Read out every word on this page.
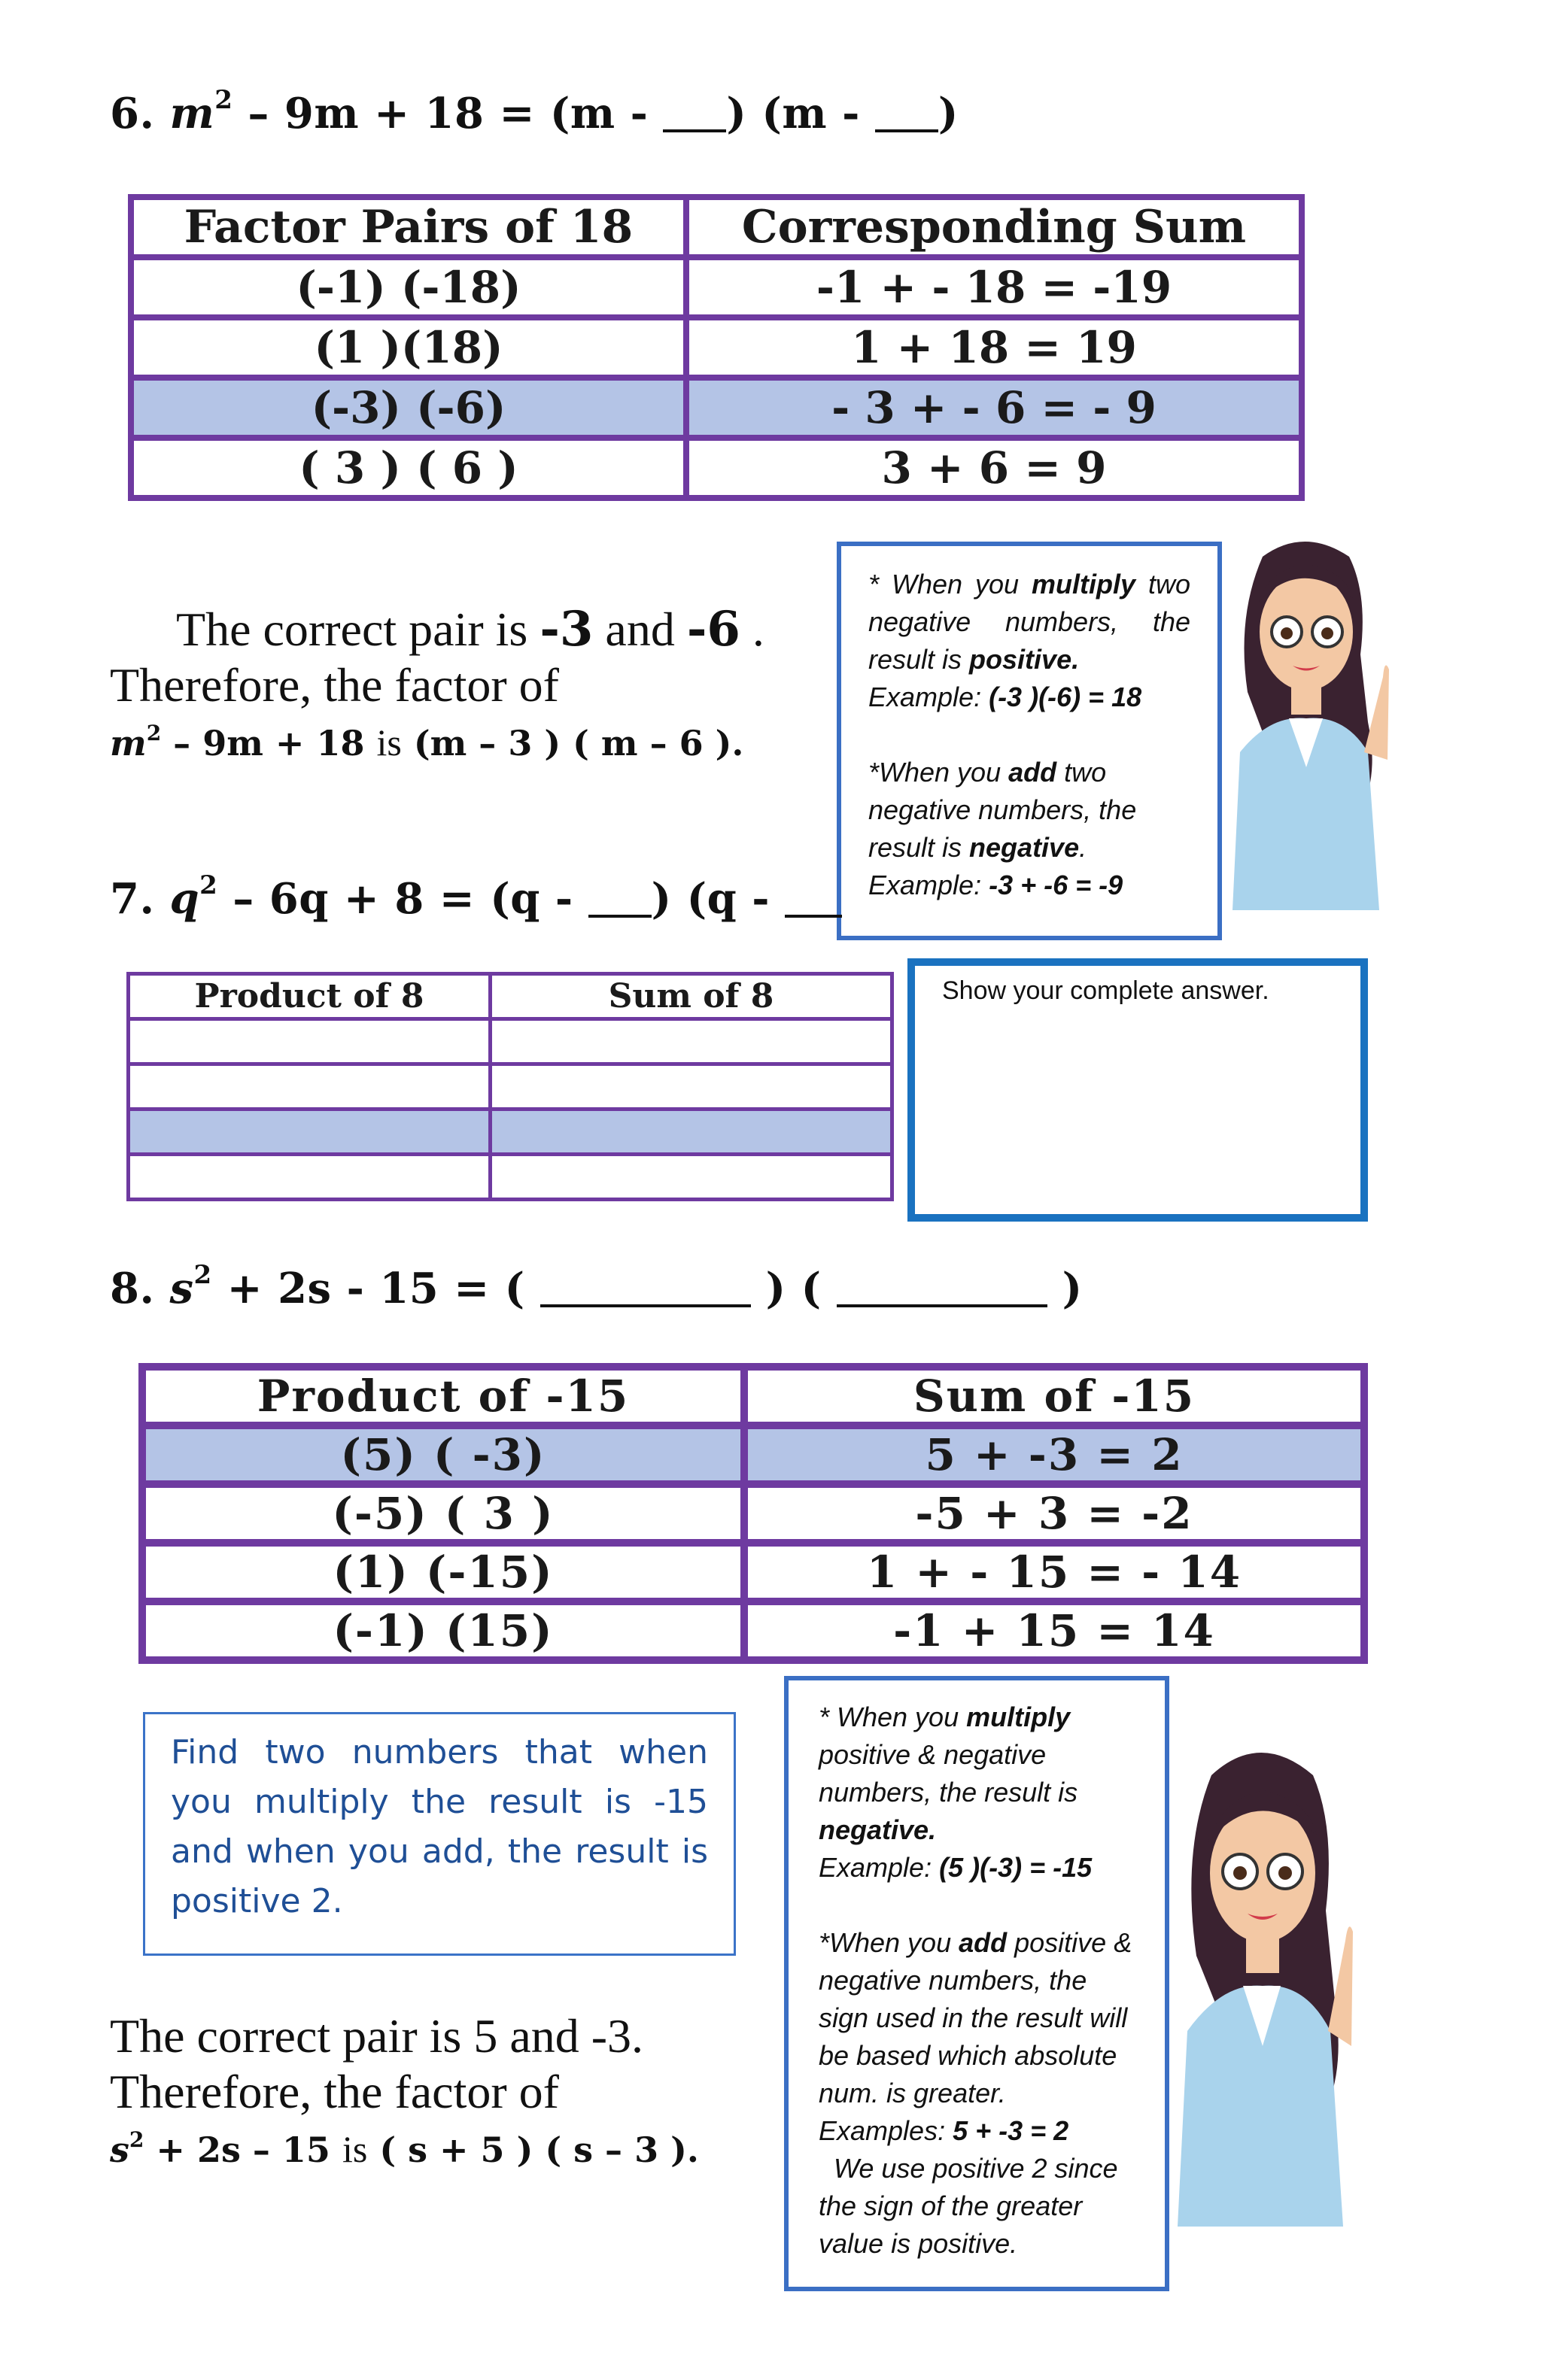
6. $m^2 - 9m + 18 = (m$ - ) (m - )
Factor Pairs of 18	Corresponding Sum
(-1) (-18)	-1 + - 18 = -19
(1 )(18)	1 + 18 = 19
(-3) (-6)	- 3 + - 6 = - 9
( 3 ) ( 6 )	3 + 6 = 9
The correct pair is -3 and -6 .
Therefore, the factor of
$m^2 - 9m + 18$ is (m – 3 ) ( m – 6 ).

* When you multiply two negative numbers, the result is positive.

Example: (-3 )(-6) = 18

*When you add two negative numbers, the result is negative.

Example: -3 + -6 = -9

7. $q^2 - 6q + 8 = (q$ - ) (q -
Product of 8	Sum of 8

		Show your complete answer.
8. $s^2 + 2s - 15$ = (	) (	)
Product of -15	Sum of -15
(5) ( -3)	5 + -3 = 2
(-5) ( 3 )	-5 + 3 = -2
(1) (-15)	1 + - 15 = - 14
(-1) (15)	-1 + 15 = 14
Find two numbers that when you multiply the result is -15 and when you add, the result is positive 2.
The correct pair is 5 and -3.
Therefore, the factor of
$s^2 + 2s - 15$ is ( s + 5 ) ( s – 3 ).

* When you multiply positive & negative numbers, the result is negative.

Example: (5 )(-3) = -15

*When you add positive & negative numbers, the sign used in the result will be based which absolute num. is greater.

Examples: 5 + -3 = 2

We use positive 2 since the sign of the greater value is positive.
